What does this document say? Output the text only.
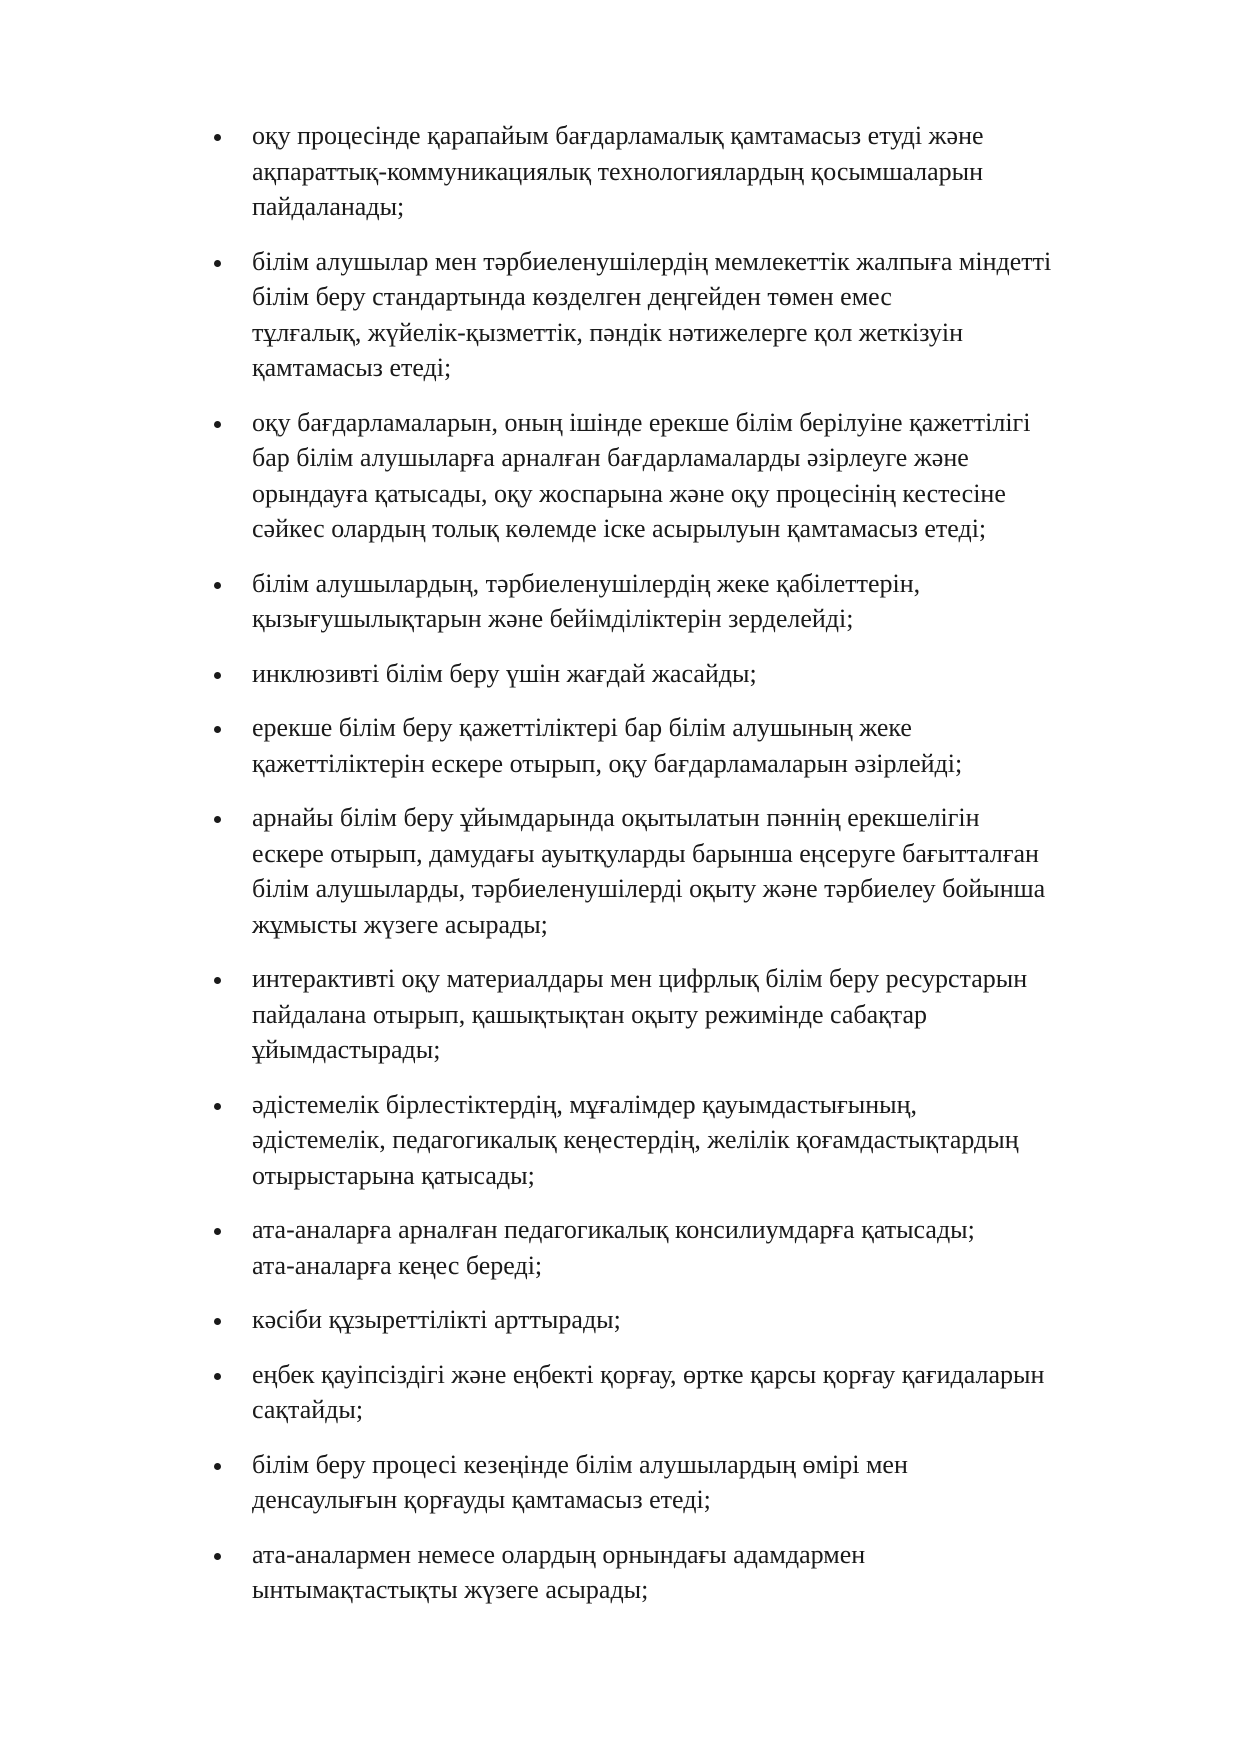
оқу процесінде қарапайым бағдарламалық қамтамасыз етуді және
ақпараттық-коммуникациялық технологиялардың қосымшаларын
пайдаланады;
білім алушылар мен тәрбиеленушілердің мемлекеттік жалпыға міндетті
білім беру стандартында көзделген деңгейден төмен емес
тұлғалық, жүйелік-қызметтік, пәндік нәтижелерге қол жеткізуін
қамтамасыз етеді;
оқу бағдарламаларын, оның ішінде ерекше білім берілуіне қажеттілігі
бар білім алушыларға арналған бағдарламаларды әзірлеуге және
орындауға қатысады, оқу жоспарына және оқу процесінің кестесіне
сәйкес олардың толық көлемде іске асырылуын қамтамасыз етеді;
білім алушылардың, тәрбиеленушілердің жеке қабілеттерін,
қызығушылықтарын және бейімділіктерін зерделейді;
инклюзивті білім беру үшін жағдай жасайды;
ерекше білім беру қажеттіліктері бар білім алушының жеке
қажеттіліктерін ескере отырып, оқу бағдарламаларын әзірлейді;
арнайы білім беру ұйымдарында оқытылатын пәннің ерекшелігін
ескере отырып, дамудағы ауытқуларды барынша еңсеруге бағытталған
білім алушыларды, тәрбиеленушілерді оқыту және тәрбиелеу бойынша
жұмысты жүзеге асырады;
интерактивті оқу материалдары мен цифрлық білім беру ресурстарын
пайдалана отырып, қашықтықтан оқыту режимінде сабақтар
ұйымдастырады;
әдістемелік бірлестіктердің, мұғалімдер қауымдастығының,
әдістемелік, педагогикалық кеңестердің, желілік қоғамдастықтардың
отырыстарына қатысады;
ата-аналарға арналған педагогикалық консилиумдарға қатысады;
ата-аналарға кеңес береді;
кәсіби құзыреттілікті арттырады;
еңбек қауіпсіздігі және еңбекті қорғау, өртке қарсы қорғау қағидаларын
сақтайды;
білім беру процесі кезеңінде білім алушылардың өмірі мен
денсаулығын қорғауды қамтамасыз етеді;
ата-аналармен немесе олардың орнындағы адамдармен
ынтымақтастықты жүзеге асырады;
